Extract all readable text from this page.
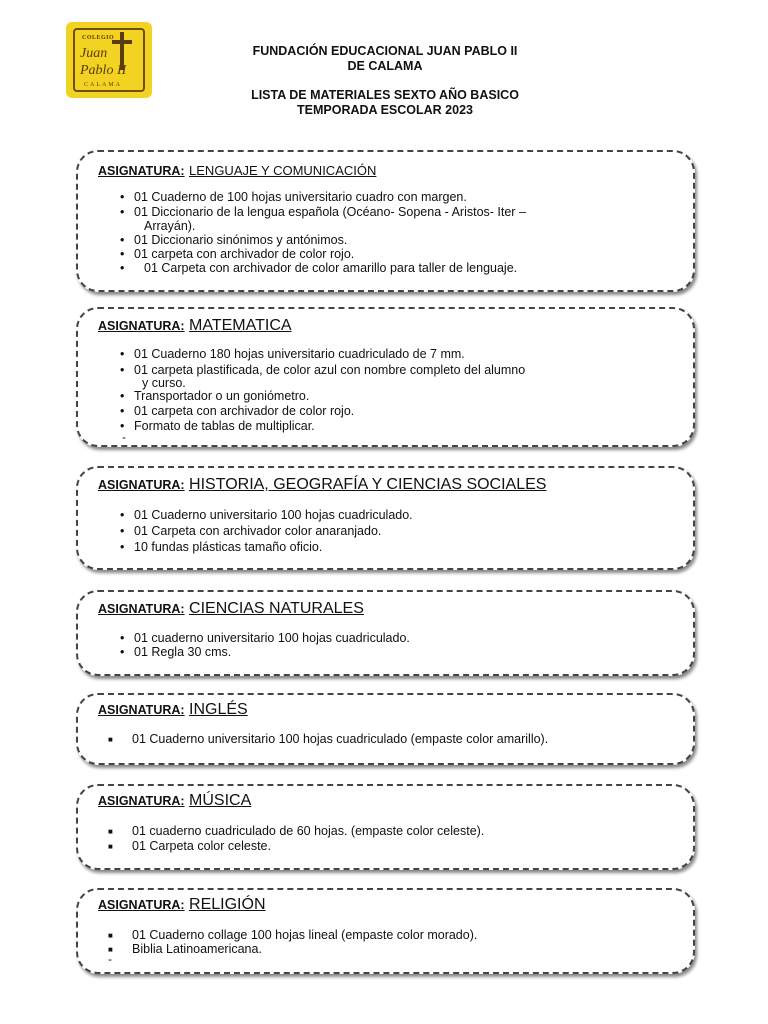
COLEGIO
Juan
Pablo II
CALAMA
FUNDACIÓN EDUCACIONAL JUAN PABLO II
DE CALAMA
LISTA DE MATERIALES SEXTO AÑO BASICO
TEMPORADA ESCOLAR 2023
ASIGNATURA: LENGUAJE Y COMUNICACIÓN
• 01 Cuaderno de 100 hojas universitario cuadro con margen.
• 01 Diccionario de la lengua española (Océano- Sopena - Aristos- Iter –
Arrayán).
• 01 Diccionario sinónimos y antónimos.
• 01 carpeta con archivador de color rojo.
• 01 Carpeta con archivador de color amarillo para taller de lenguaje.
ASIGNATURA: MATEMATICA
• 01 Cuaderno 180 hojas universitario cuadriculado de 7 mm.
• 01 carpeta plastificada, de color azul con nombre completo del alumno
y curso.
• Transportador o un goniómetro.
• 01 carpeta con archivador de color rojo.
• Formato de tablas de multiplicar.
-
ASIGNATURA: HISTORIA, GEOGRAFÍA Y CIENCIAS SOCIALES
• 01 Cuaderno universitario 100 hojas cuadriculado.
• 01 Carpeta con archivador color anaranjado.
• 10 fundas plásticas tamaño oficio.
ASIGNATURA: CIENCIAS NATURALES
• 01 cuaderno universitario 100 hojas cuadriculado.
• 01 Regla 30 cms.
ASIGNATURA: INGLÉS
■ 01 Cuaderno universitario 100 hojas cuadriculado (empaste color amarillo).
ASIGNATURA: MÚSICA
■ 01 cuaderno cuadriculado de 60 hojas. (empaste color celeste).
■ 01 Carpeta color celeste.
ASIGNATURA: RELIGIÓN
■ 01 Cuaderno collage 100 hojas lineal (empaste color morado).
■ Biblia Latinoamericana.
-
